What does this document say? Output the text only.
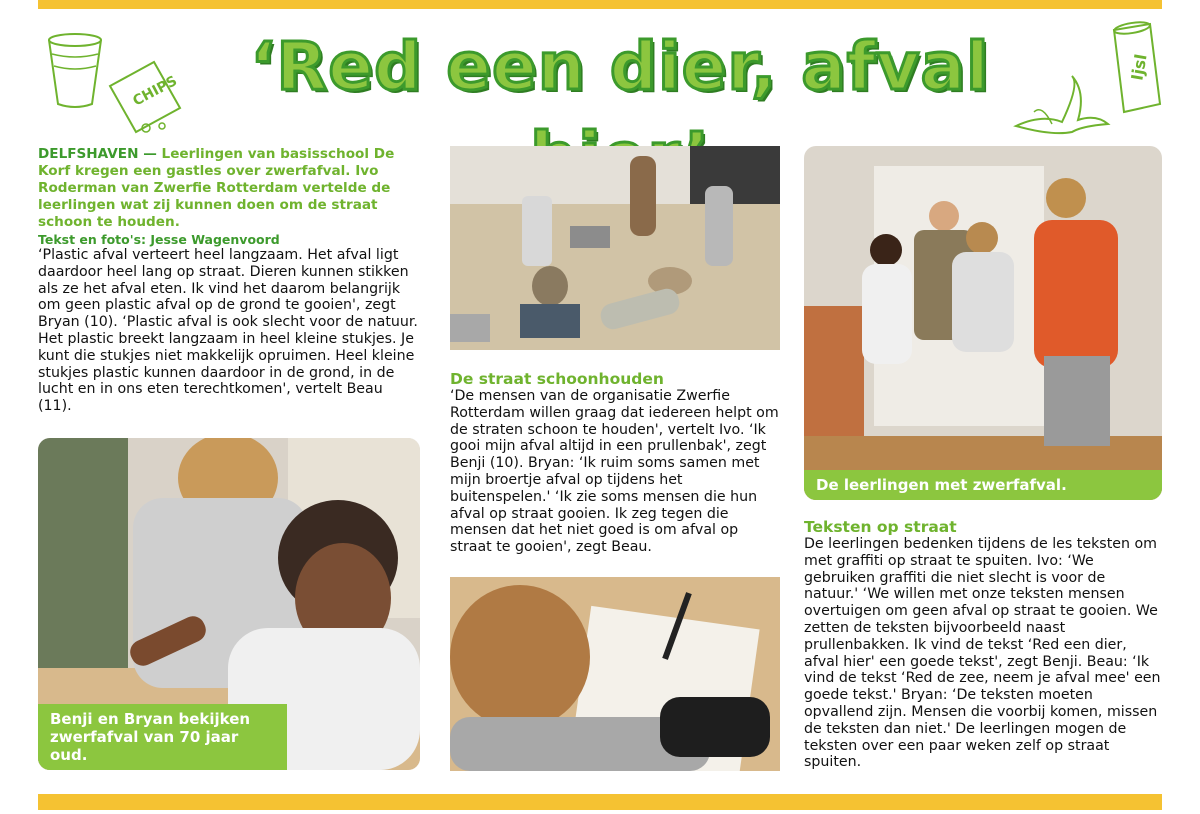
CHIPS
Ijsl
‘Red een dier, afval
DELFSHAVEN — Leerlingen van basisschool De Korf kregen een gastles over zwerfafval. Ivo Roderman van Zwerfie Rotterdam vertelde de leerlingen wat zij kunnen doen om de straat schoon te houden.
Tekst en foto's: Jesse Wagenvoord
‘Plastic afval verteert heel langzaam. Het afval ligt daardoor heel lang op straat. Dieren kunnen stikken als ze het afval eten. Ik vind het daarom belangrijk om geen plastic afval op de grond te gooien', zegt Bryan (10). ‘Plastic afval is ook slecht voor de natuur. Het plastic breekt langzaam in heel kleine stukjes. Je kunt die stukjes niet makkelijk opruimen. Heel kleine stukjes plastic kunnen daardoor in de grond, in de lucht en in ons eten terechtkomen', vertelt Beau (11).
Benji en Bryan bekijken zwerfafval van 70 jaar oud.
De straat schoonhouden
‘De mensen van de organisatie Zwerfie Rotterdam willen graag dat iedereen helpt om de straten schoon te houden', vertelt Ivo. ‘Ik gooi mijn afval altijd in een prullenbak', zegt Benji (10). Bryan: ‘Ik ruim soms samen met mijn broertje afval op tijdens het buitenspelen.' ‘Ik zie soms mensen die hun afval op straat gooien. Ik zeg tegen die mensen dat het niet goed is om afval op straat te gooien', zegt Beau.
De leerlingen met zwerfafval.
Teksten op straat
De leerlingen bedenken tijdens de les teksten om met graffiti op straat te spuiten. Ivo: ‘We gebruiken graffiti die niet slecht is voor de natuur.' ‘We willen met onze teksten mensen overtuigen om geen afval op straat te gooien. We zetten de teksten bijvoorbeeld naast prullenbakken. Ik vind de tekst ‘Red een dier, afval hier' een goede tekst', zegt Benji. Beau: ‘Ik vind de tekst ‘Red de zee, neem je afval mee' een goede tekst.' Bryan: ‘De teksten moeten opvallend zijn. Mensen die voorbij komen, missen de teksten dan niet.' De leerlingen mogen de teksten over een paar weken zelf op straat spuiten.
